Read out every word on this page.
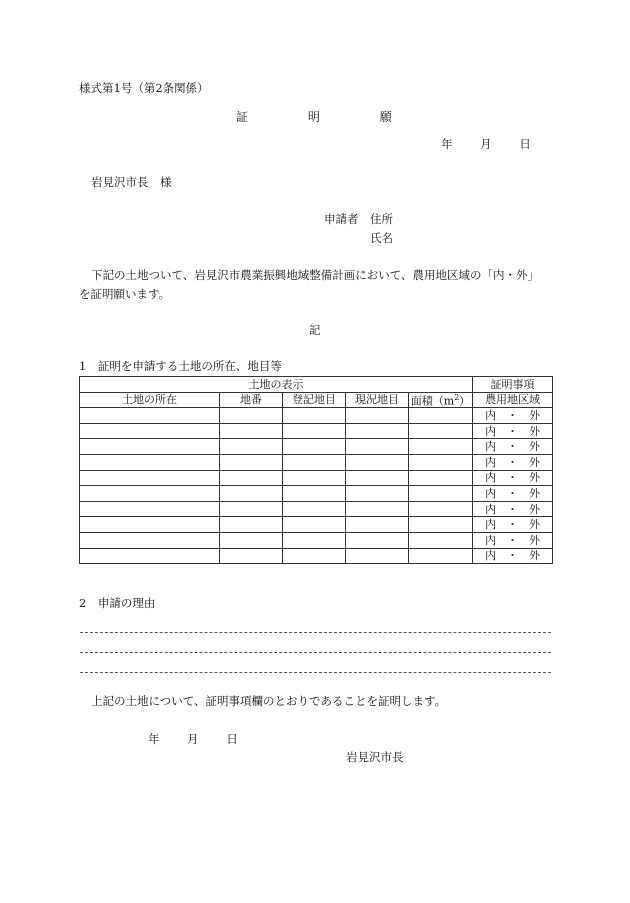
様式第1号（第2条関係）
証	明	願
年 月 日
岩見沢市長　様
申請者 住所
氏名
下記の土地ついて、岩見沢市農業振興地域整備計画において、農用地区域の「内・外」
を証明願います。
記
1　証明を申請する土地の所在、地目等
土地の表示					証明事項
土地の所在	地番	登記地目	現況地目	面積$(m^2)$	農用地区域
					内　・　外
					内　・　外
					内　・　外
					内　・　外
					内　・　外
					内　・　外
					内　・　外
					内　・　外
					内　・　外
					内　・　外
2　申請の理由
上記の土地について、証明事項欄のとおりであることを証明します。
年 月 日
岩見沢市長
